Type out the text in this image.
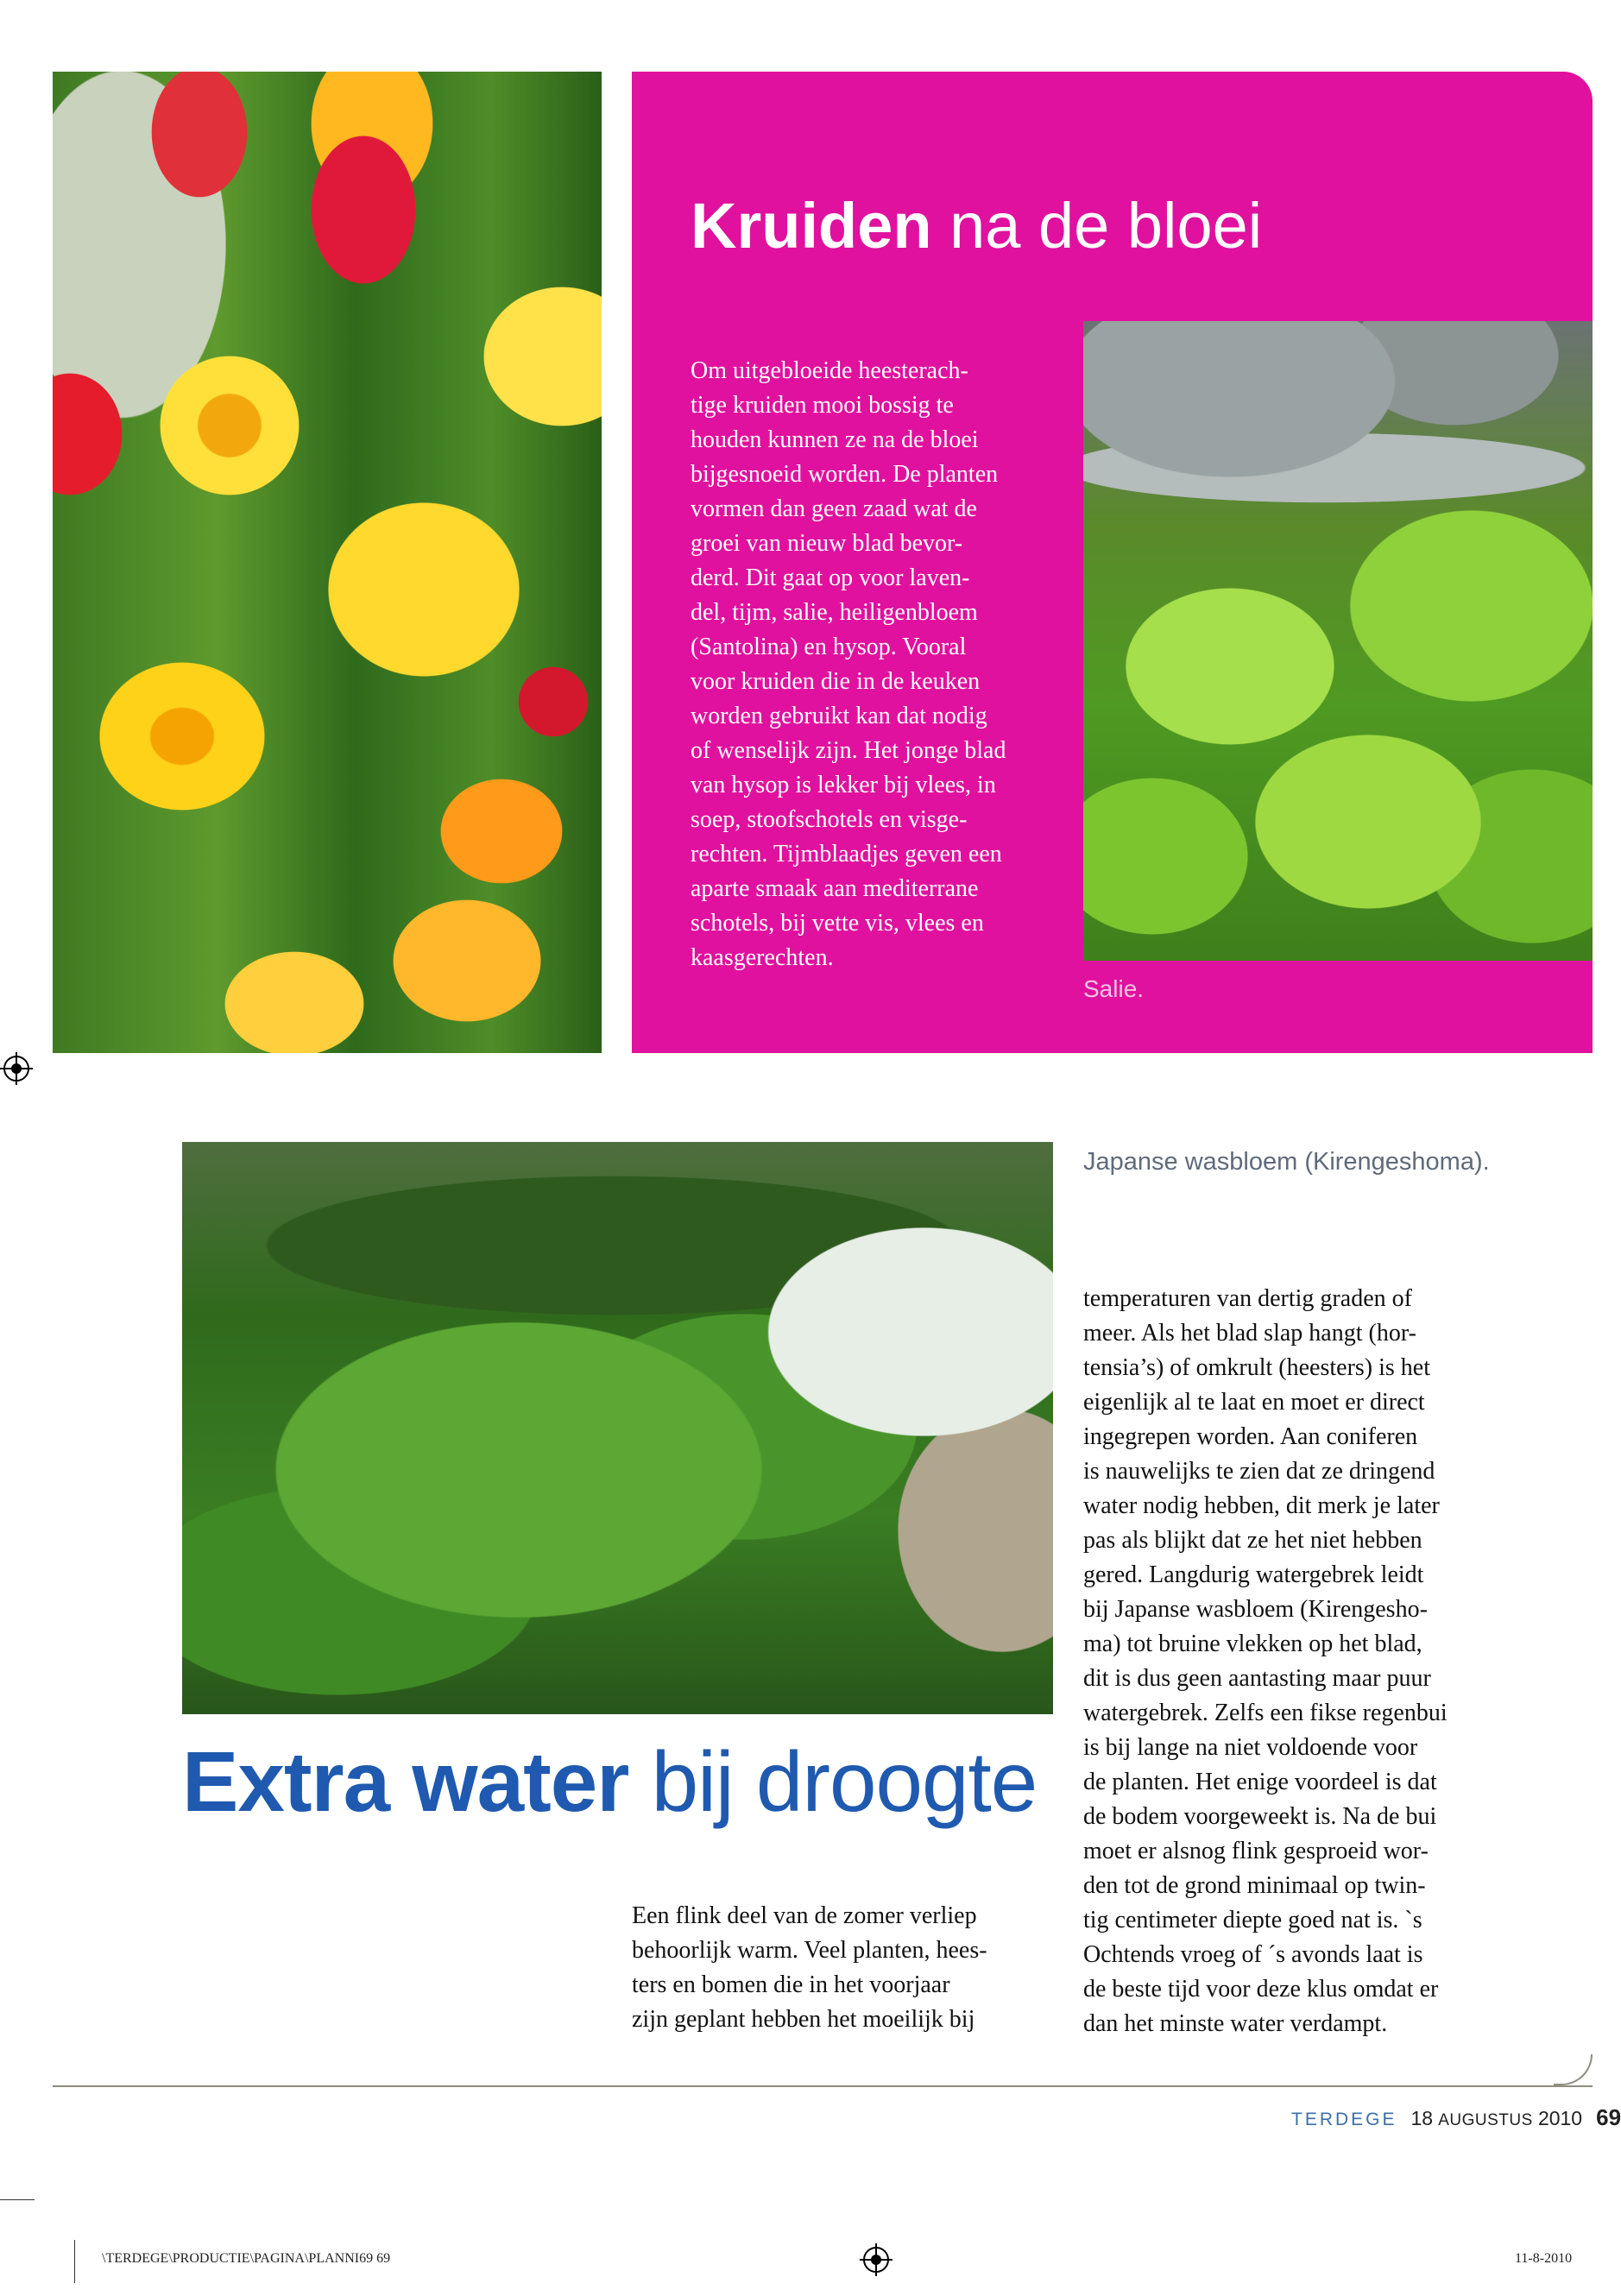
Kruiden na de bloei

Om uitgebloeide heesterach-
tige kruiden mooi bossig te
houden kunnen ze na de bloei
bijgesnoeid worden. De planten
vormen dan geen zaad wat de
groei van nieuw blad bevor-
derd. Dit gaat op voor laven-
del, tijm, salie, heiligenbloem
(Santolina) en hysop. Vooral
voor kruiden die in de keuken
worden gebruikt kan dat nodig
of wenselijk zijn. Het jonge blad
van hysop is lekker bij vlees, in
soep, stoofschotels en visge-
rechten. Tijmblaadjes geven een
aparte smaak aan mediterrane
schotels, bij vette vis, vlees en
kaasgerechten.

Salie.

Japanse wasbloem (Kirengeshoma).

Extra water bij droogte

Een flink deel van de zomer verliep
behoorlijk warm. Veel planten, hees-
ters en bomen die in het voorjaar
zijn geplant hebben het moeilijk bij

temperaturen van dertig graden of
meer. Als het blad slap hangt (hor-
tensia’s) of omkrult (heesters) is het
eigenlijk al te laat en moet er direct
ingegrepen worden. Aan coniferen
is nauwelijks te zien dat ze dringend
water nodig hebben, dit merk je later
pas als blijkt dat ze het niet hebben
gered. Langdurig watergebrek leidt
bij Japanse wasbloem (Kirengesho-
ma) tot bruine vlekken op het blad,
dit is dus geen aantasting maar puur
watergebrek. Zelfs een fikse regenbui
is bij lange na niet voldoende voor
de planten. Het enige voordeel is dat
de bodem voorgeweekt is. Na de bui
moet er alsnog flink gesproeid wor-
den tot de grond minimaal op twin-
tig centimeter diepte goed nat is. `s
Ochtends vroeg of ´s avonds laat is
de beste tijd voor deze klus omdat er
dan het minste water verdampt.

TERDEGE 18 AUGUSTUS 2010 69
\TERDEGE\PRODUCTIE\PAGINA\PLANNI69 69	11-8-2010
